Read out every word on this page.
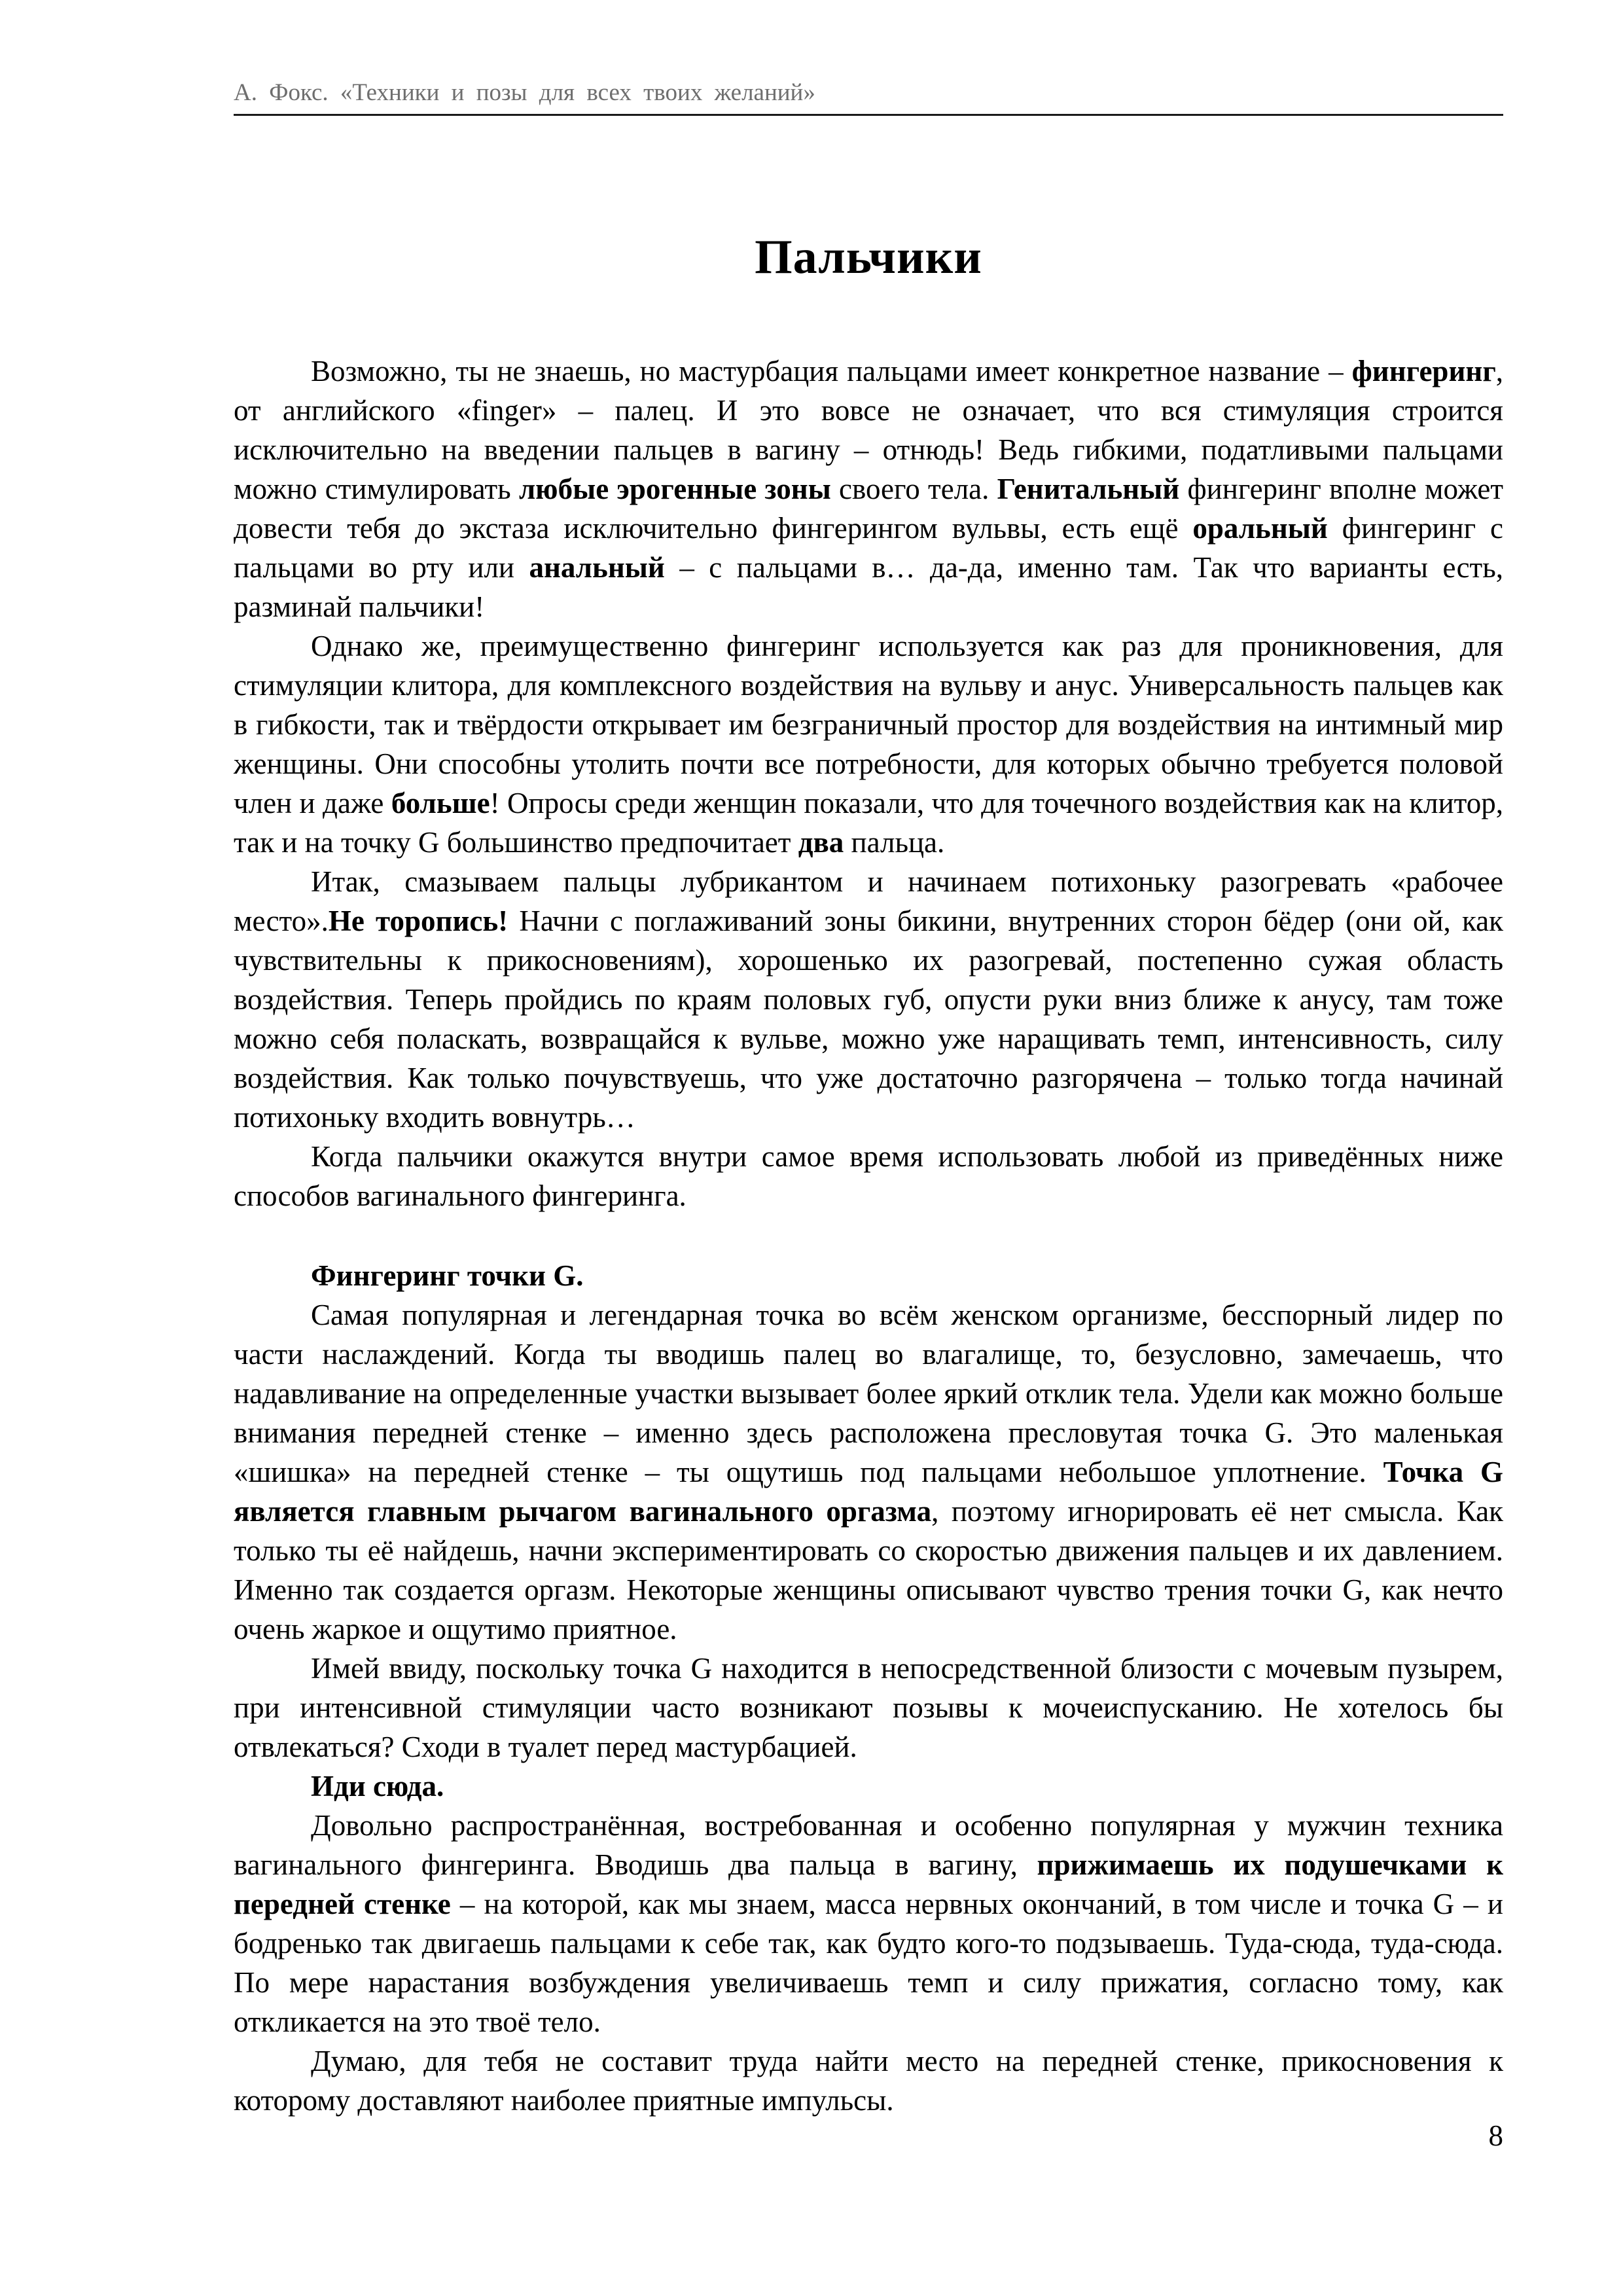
А. Фокс. «Техники и позы для всех твоих желаний»
Пальчики

Возможно, ты не знаешь, но мастурбация пальцами имеет конкретное название – фингеринг, от английского «finger» – палец. И это вовсе не означает, что вся стимуляция строится исключительно на введении пальцев в вагину – отнюдь! Ведь гибкими, податливыми пальцами можно стимулировать любые эрогенные зоны своего тела. Генитальный фингеринг вполне может довести тебя до экстаза исключительно фингерингом вульвы, есть ещё оральный фингеринг с пальцами во рту или анальный – с пальцами в… да-да, именно там. Так что варианты есть, разминай пальчики!

Однако же, преимущественно фингеринг используется как раз для проникновения, для стимуляции клитора, для комплексного воздействия на вульву и анус. Универсальность пальцев как в гибкости, так и твёрдости открывает им безграничный простор для воздействия на интимный мир женщины. Они способны утолить почти все потребности, для которых обычно требуется половой член и даже больше! Опросы среди женщин показали, что для точечного воздействия как на клитор, так и на точку G большинство предпочитает два пальца.

Итак, смазываем пальцы лубрикантом и начинаем потихоньку разогревать «рабочее место».Не торопись! Начни с поглаживаний зоны бикини, внутренних сторон бёдер (они ой, как чувствительны к прикосновениям), хорошенько их разогревай, постепенно сужая область воздействия. Теперь пройдись по краям половых губ, опусти руки вниз ближе к анусу, там тоже можно себя поласкать, возвращайся к вульве, можно уже наращивать темп, интенсивность, силу воздействия. Как только почувствуешь, что уже достаточно разгорячена – только тогда начинай потихоньку входить вовнутрь…

Когда пальчики окажутся внутри самое время использовать любой из приведённых ниже способов вагинального фингеринга.

Фингеринг точки G.

Самая популярная и легендарная точка во всём женском организме, бесспорный лидер по части наслаждений. Когда ты вводишь палец во влагалище, то, безусловно, замечаешь, что надавливание на определенные участки вызывает более яркий отклик тела. Удели как можно больше внимания передней стенке – именно здесь расположена пресловутая точка G. Это маленькая «шишка» на передней стенке – ты ощутишь под пальцами небольшое уплотнение. Точка G является главным рычагом вагинального оргазма, поэтому игнорировать её нет смысла. Как только ты её найдешь, начни экспериментировать со скоростью движения пальцев и их давлением. Именно так создается оргазм. Некоторые женщины описывают чувство трения точки G, как нечто очень жаркое и ощутимо приятное.

Имей ввиду, поскольку точка G находится в непосредственной близости с мочевым пузырем, при интенсивной стимуляции часто возникают позывы к мочеиспусканию. Не хотелось бы отвлекаться? Сходи в туалет перед мастурбацией.

Иди сюда.

Довольно распространённая, востребованная и особенно популярная у мужчин техника вагинального фингеринга. Вводишь два пальца в вагину, прижимаешь их подушечками к передней стенке – на которой, как мы знаем, масса нервных окончаний, в том числе и точка G – и бодренько так двигаешь пальцами к себе так, как будто кого-то подзываешь. Туда-сюда, туда-сюда. По мере нарастания возбуждения увеличиваешь темп и силу прижатия, согласно тому, как откликается на это твоё тело.

Думаю, для тебя не составит труда найти место на передней стенке, прикосновения к которому доставляют наиболее приятные импульсы.

8
